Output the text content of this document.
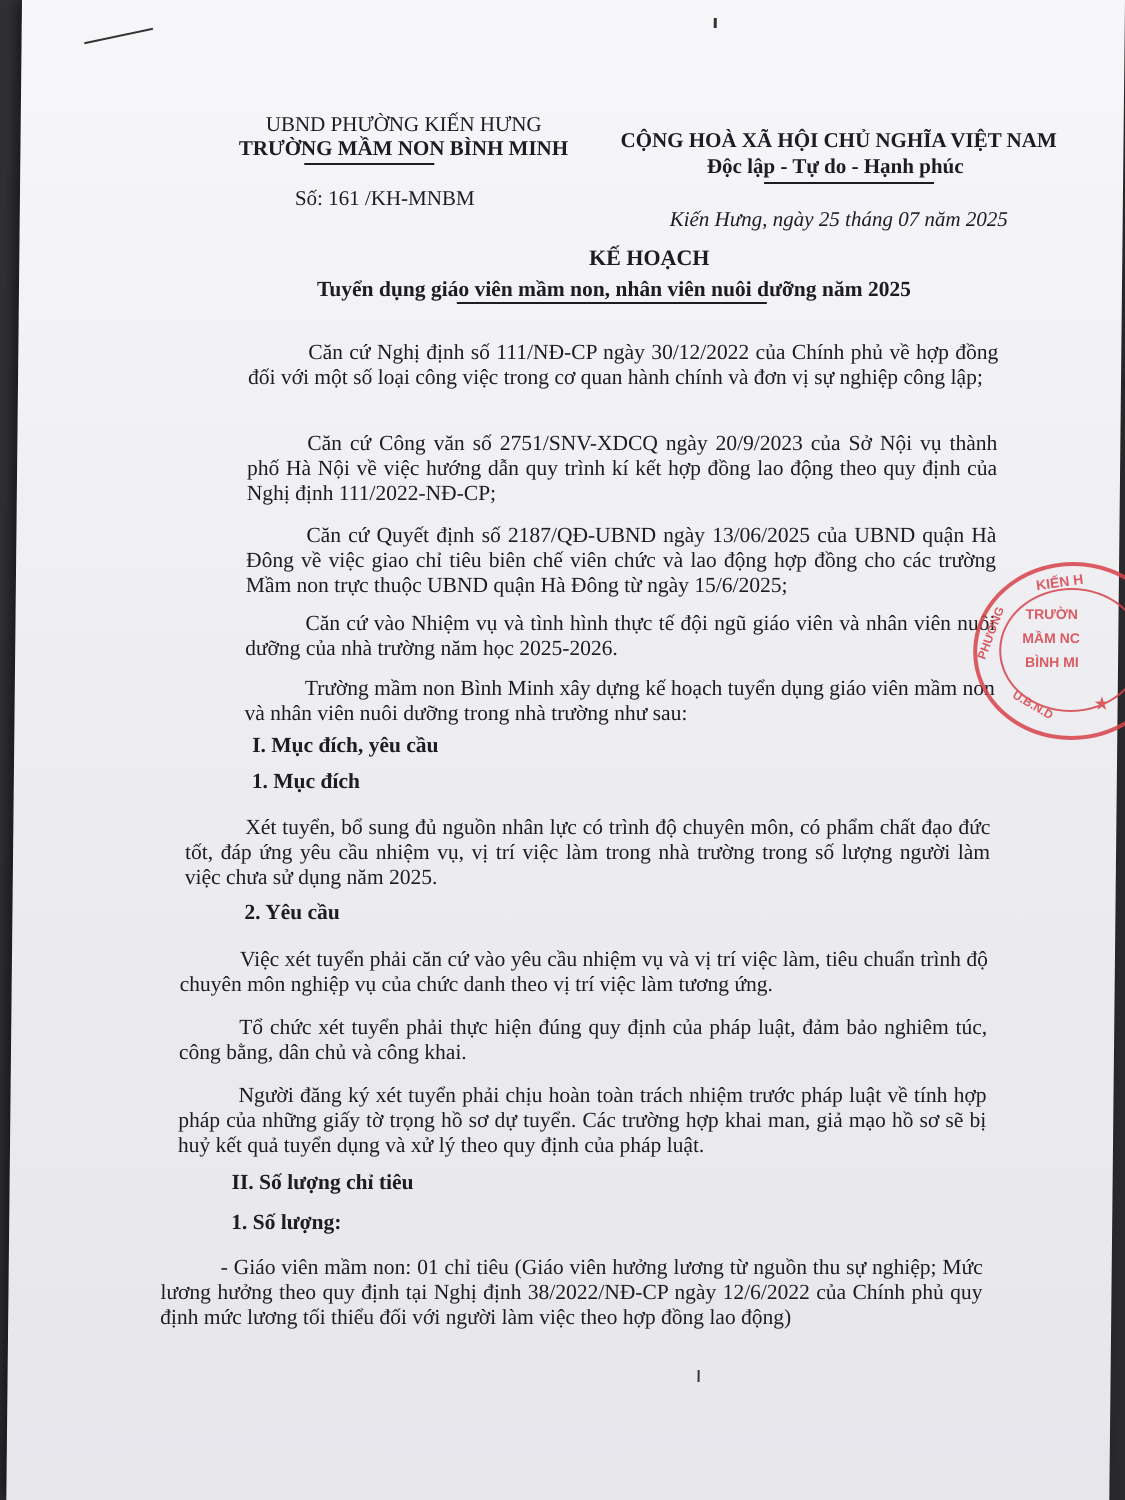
UBND PHƯỜNG KIẾN HƯNG
TRƯỜNG MẦM NON BÌNH MINH
Số: 161 /KH-MNBM
CỘNG HOÀ XÃ HỘI CHỦ NGHĨA VIỆT NAM
Độc lập - Tự do - Hạnh phúc
Kiến Hưng, ngày 25 tháng 07 năm 2025
KẾ HOẠCH
Tuyển dụng giáo viên mầm non, nhân viên nuôi dưỡng năm 2025
Căn cứ Nghị định số 111/NĐ-CP ngày 30/12/2022 của Chính phủ về hợp đồng đối với một số loại công việc trong cơ quan hành chính và đơn vị sự nghiệp công lập;
Căn cứ Công văn số 2751/SNV-XDCQ ngày 20/9/2023 của Sở Nội vụ thành phố Hà Nội về việc hướng dẫn quy trình kí kết hợp đồng lao động theo quy định của Nghị định 111/2022-NĐ-CP;
Căn cứ Quyết định số 2187/QĐ-UBND ngày 13/06/2025 của UBND quận Hà Đông về việc giao chỉ tiêu biên chế viên chức và lao động hợp đồng cho các trường Mầm non trực thuộc UBND quận Hà Đông từ ngày 15/6/2025;
Căn cứ vào Nhiệm vụ và tình hình thực tế đội ngũ giáo viên và nhân viên nuôi dưỡng của nhà trường năm học 2025-2026.
Trường mầm non Bình Minh xây dựng kế hoạch tuyển dụng giáo viên mầm non và nhân viên nuôi dưỡng trong nhà trường như sau:
I. Mục đích, yêu cầu
1. Mục đích
Xét tuyển, bổ sung đủ nguồn nhân lực có trình độ chuyên môn, có phẩm chất đạo đức tốt, đáp ứng yêu cầu nhiệm vụ, vị trí việc làm trong nhà trường trong số lượng người làm việc chưa sử dụng năm 2025.
2. Yêu cầu
Việc xét tuyển phải căn cứ vào yêu cầu nhiệm vụ và vị trí việc làm, tiêu chuẩn trình độ chuyên môn nghiệp vụ của chức danh theo vị trí việc làm tương ứng.
Tổ chức xét tuyển phải thực hiện đúng quy định của pháp luật, đảm bảo nghiêm túc, công bằng, dân chủ và công khai.
Người đăng ký xét tuyển phải chịu hoàn toàn trách nhiệm trước pháp luật về tính hợp pháp của những giấy tờ trọng hồ sơ dự tuyển. Các trường hợp khai man, giả mạo hồ sơ sẽ bị huỷ kết quả tuyển dụng và xử lý theo quy định của pháp luật.
II. Số lượng chỉ tiêu
1. Số lượng:
- Giáo viên mầm non: 01 chỉ tiêu (Giáo viên hưởng lương từ nguồn thu sự nghiệp; Mức lương hưởng theo quy định tại Nghị định 38/2022/NĐ-CP ngày 12/6/2022 của Chính phủ quy định mức lương tối thiểu đối với người làm việc theo hợp đồng lao động)
KIẾN H
PHƯỜNG
U.B.N.D
TRƯỜN
MẦM NC
BÌNH MI
★
